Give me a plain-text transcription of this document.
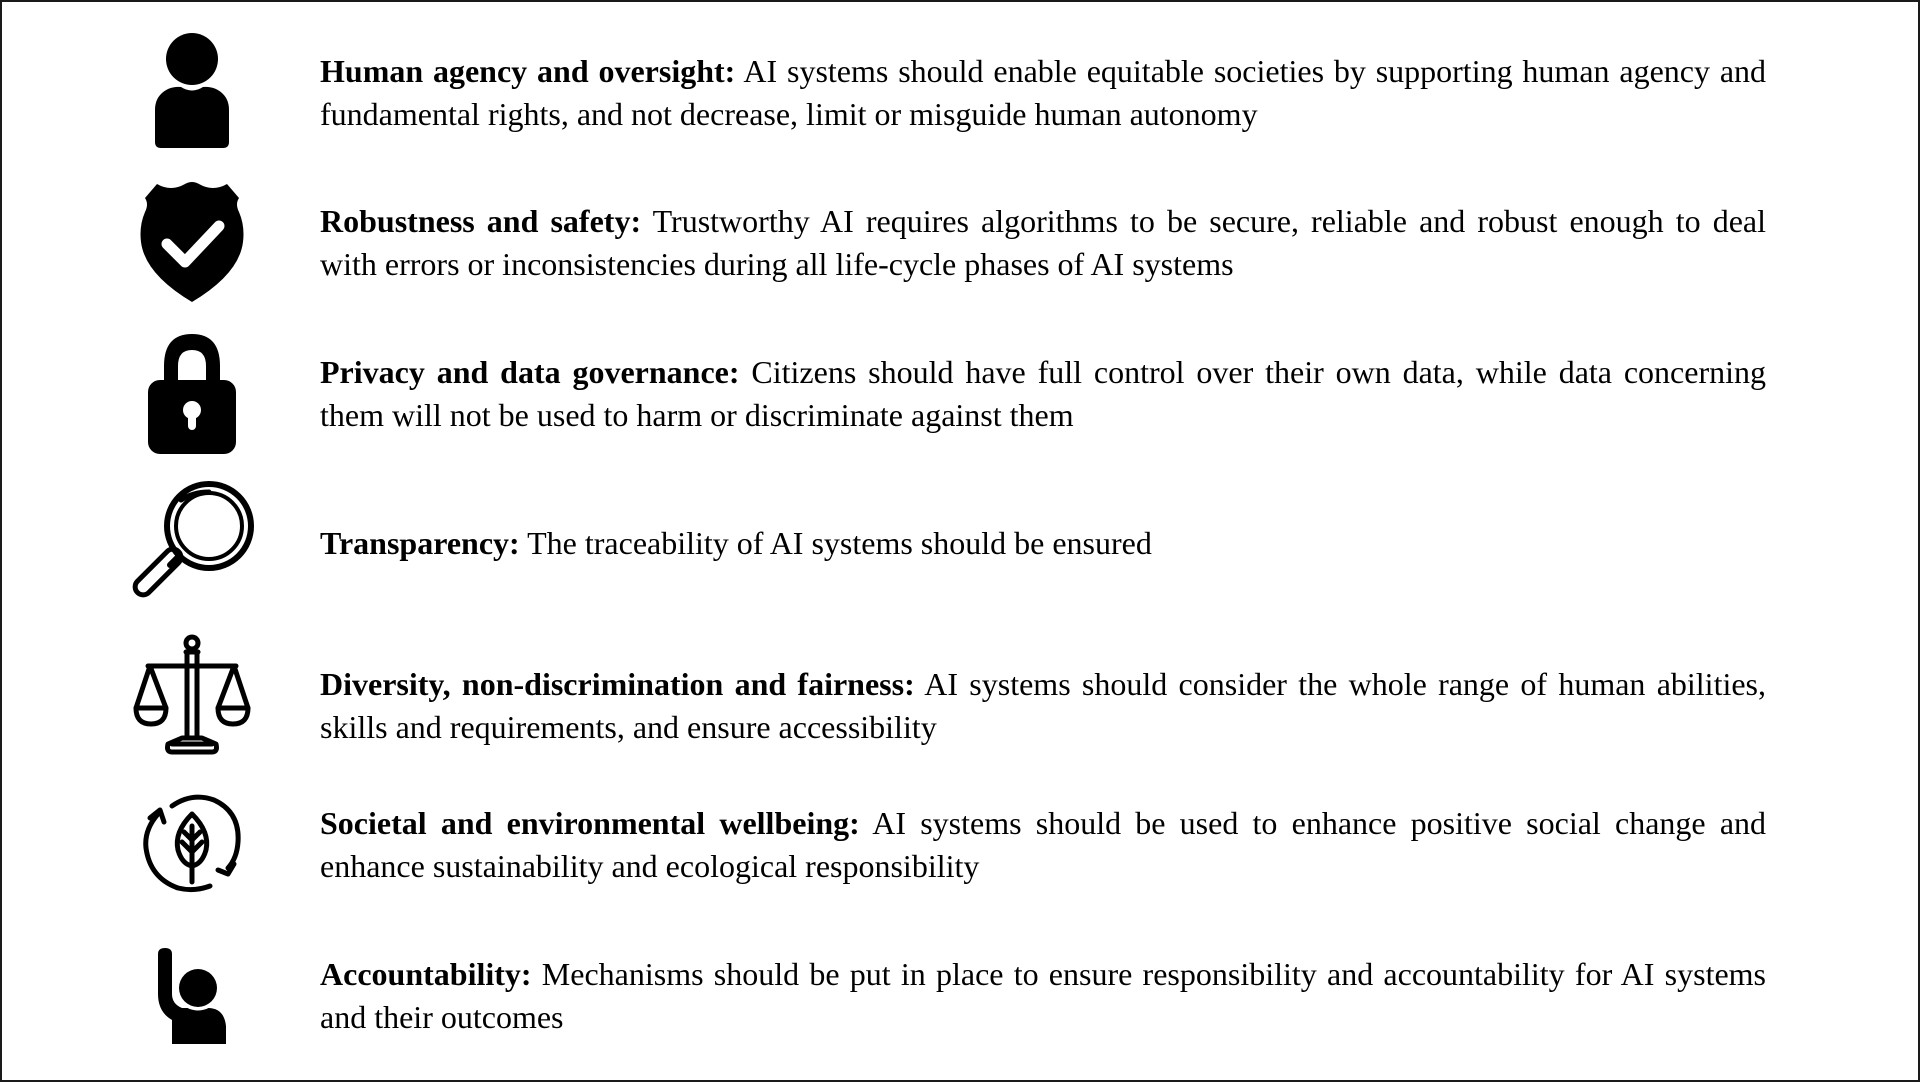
Human agency and oversight: AI systems should enable equitable societies by supporting human agency and fundamental rights, and not decrease, limit or misguide human autonomy
Robustness and safety: Trustworthy AI requires algorithms to be secure, reliable and robust enough to deal with errors or inconsistencies during all life-cycle phases of AI systems
Privacy and data governance: Citizens should have full control over their own data, while data concerning them will not be used to harm or discriminate against them
Transparency: The traceability of AI systems should be ensured
Diversity, non-discrimination and fairness: AI systems should consider the whole range of human abilities, skills and requirements, and ensure accessibility
Societal and environmental wellbeing: AI systems should be used to enhance positive social change and enhance sustainability and ecological responsibility
Accountability: Mechanisms should be put in place to ensure responsibility and accountability for AI systems and their outcomes
